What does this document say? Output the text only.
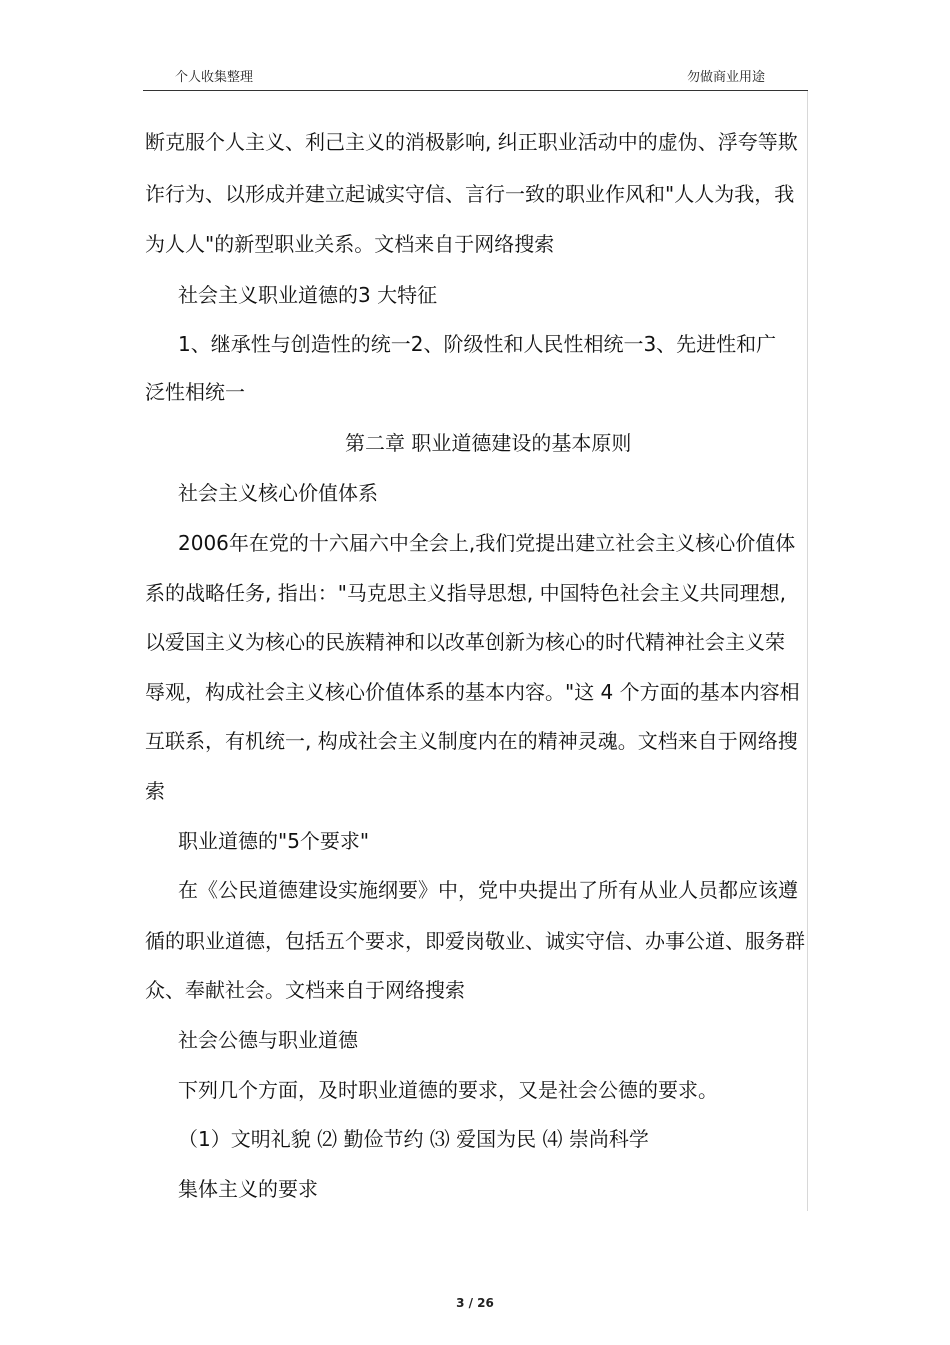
个人收集整理	勿做商业用途

断克服个人主义、利己主义的消极影响, 纠正职业活动中的虚伪、浮夸等欺

诈行为、以形成并建立起诚实守信、言行一致的职业作风和"人人为我，我

为人人"的新型职业关系。文档来自于网络搜索

社会主义职业道德的3 大特征

1、继承性与创造性的统一2、阶级性和人民性相统一3、先进性和广

泛性相统一

第二章 职业道德建设的基本原则

社会主义核心价值体系

2006年在党的十六届六中全会上,我们党提出建立社会主义核心价值体

系的战略任务, 指出："马克思主义指导思想, 中国特色社会主义共同理想,

以爱国主义为核心的民族精神和以改革创新为核心的时代精神社会主义荣

辱观，构成社会主义核心价值体系的基本内容。"这 4 个方面的基本内容相

互联系，有机统一, 构成社会主义制度内在的精神灵魂。文档来自于网络搜

索

职业道德的"5个要求"

在《公民道德建设实施纲要》中，党中央提出了所有从业人员都应该遵

循的职业道德，包括五个要求，即爱岗敬业、诚实守信、办事公道、服务群

众、奉献社会。文档来自于网络搜索

社会公德与职业道德

下列几个方面，及时职业道德的要求，又是社会公德的要求。

（1）文明礼貌 ⑵ 勤俭节约 ⑶ 爱国为民 ⑷ 崇尚科学

集体主义的要求

3 / 26
